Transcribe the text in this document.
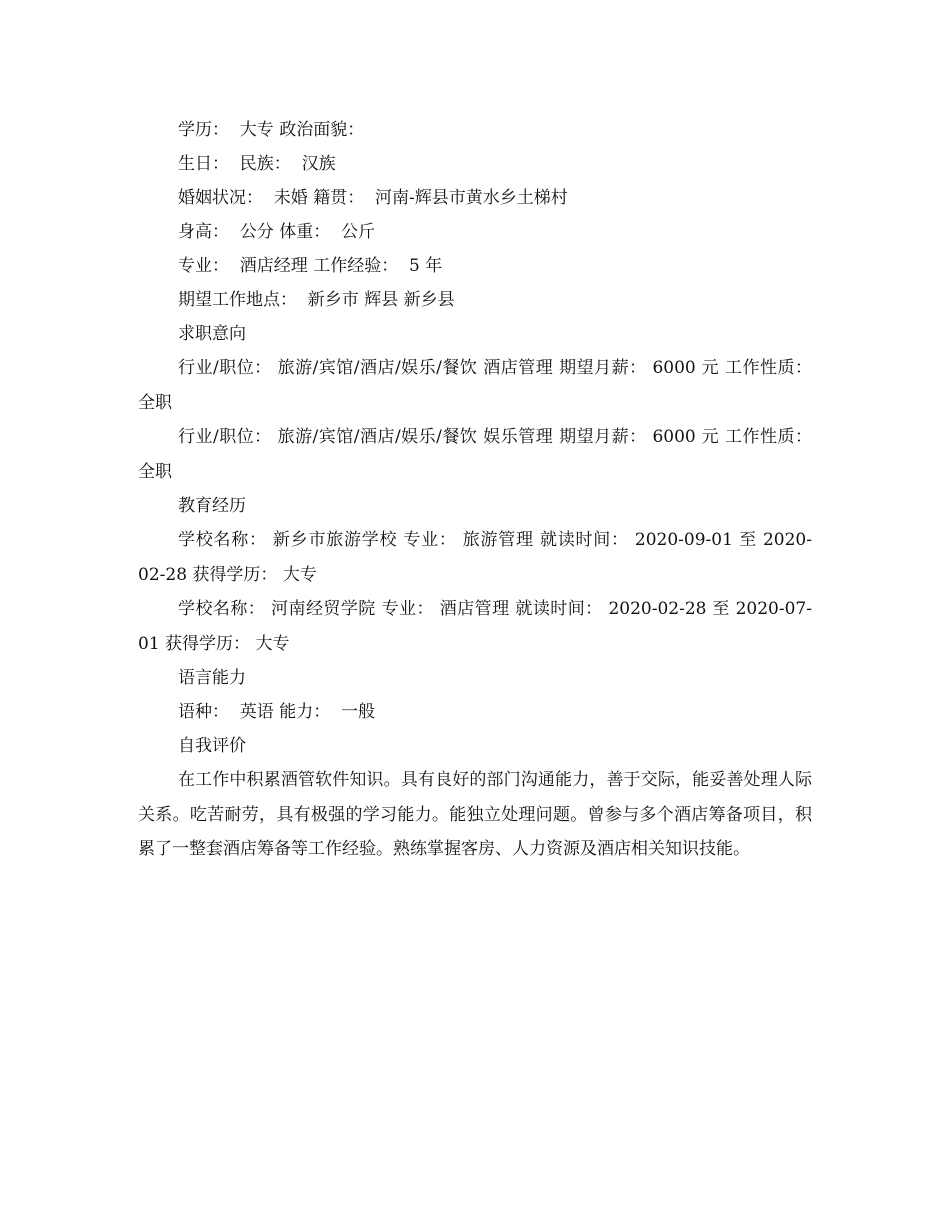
学历：  大专 政治面貌：
生日：  民族：  汉族
婚姻状况：  未婚 籍贯：  河南-辉县市黄水乡土梯村
身高：  公分 体重：  公斤
专业：  酒店经理 工作经验：  5 年
期望工作地点：  新乡市 辉县 新乡县
求职意向

行业/职位： 旅游/宾馆/酒店/娱乐/餐饮 酒店管理 期望月薪： 6000 元 工作性质： 全职

行业/职位： 旅游/宾馆/酒店/娱乐/餐饮 娱乐管理 期望月薪： 6000 元 工作性质： 全职

教育经历

学校名称： 新乡市旅游学校 专业： 旅游管理 就读时间： 2020-09-01 至 2020-02-28 获得学历： 大专

学校名称： 河南经贸学院 专业： 酒店管理 就读时间： 2020-02-28 至 2020-07-01 获得学历： 大专

语言能力
语种：  英语 能力：  一般
自我评价

在工作中积累酒管软件知识。具有良好的部门沟通能力，善于交际，能妥善处理人际关系。吃苦耐劳，具有极强的学习能力。能独立处理问题。曾参与多个酒店筹备项目，积累了一整套酒店筹备等工作经验。熟练掌握客房、人力资源及酒店相关知识技能。
